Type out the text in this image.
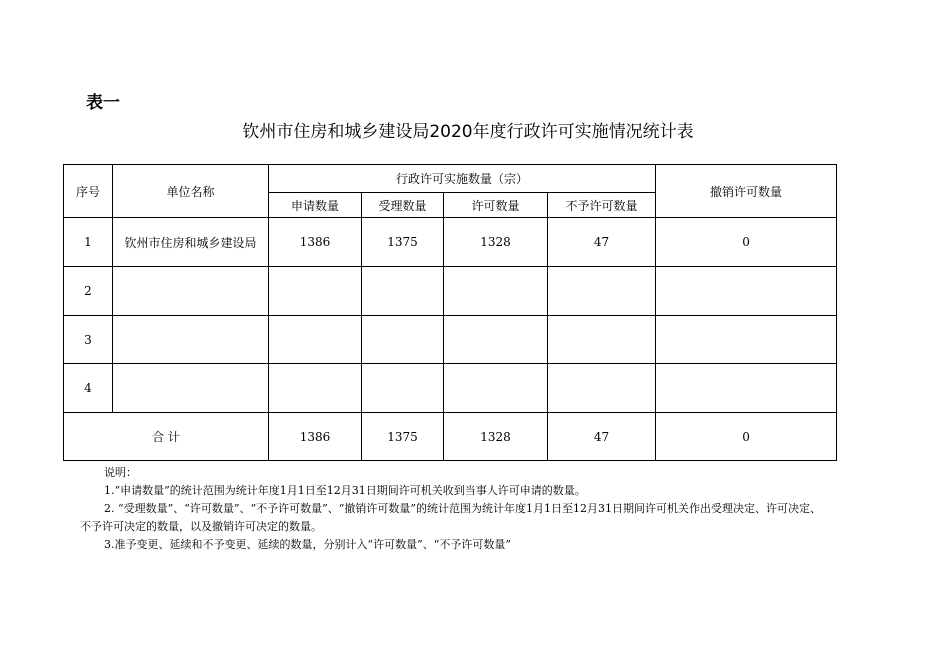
表一
钦州市住房和城乡建设局2020年度行政许可实施情况统计表
序号	单位名称	行政许可实施数量（宗）				撤销许可数量
		申请数量	受理数量	许可数量	不予许可数量	
1	钦州市住房和城乡建设局	1386	1375	1328	47	0
2						
3						
4						
合 计		1386	1375	1328	47	0

说明：

1.“申请数量”的统计范围为统计年度1月1日至12月31日期间许可机关收到当事人许可申请的数量。

2. “受理数量”、“许可数量”、“不予许可数量”、“撤销许可数量”的统计范围为统计年度1月1日至12月31日期间许可机关作出受理决定、许可决定、不予许可决定的数量，以及撤销许可决定的数量。

3.准予变更、延续和不予变更、延续的数量，分别计入“许可数量”、“不予许可数量”
